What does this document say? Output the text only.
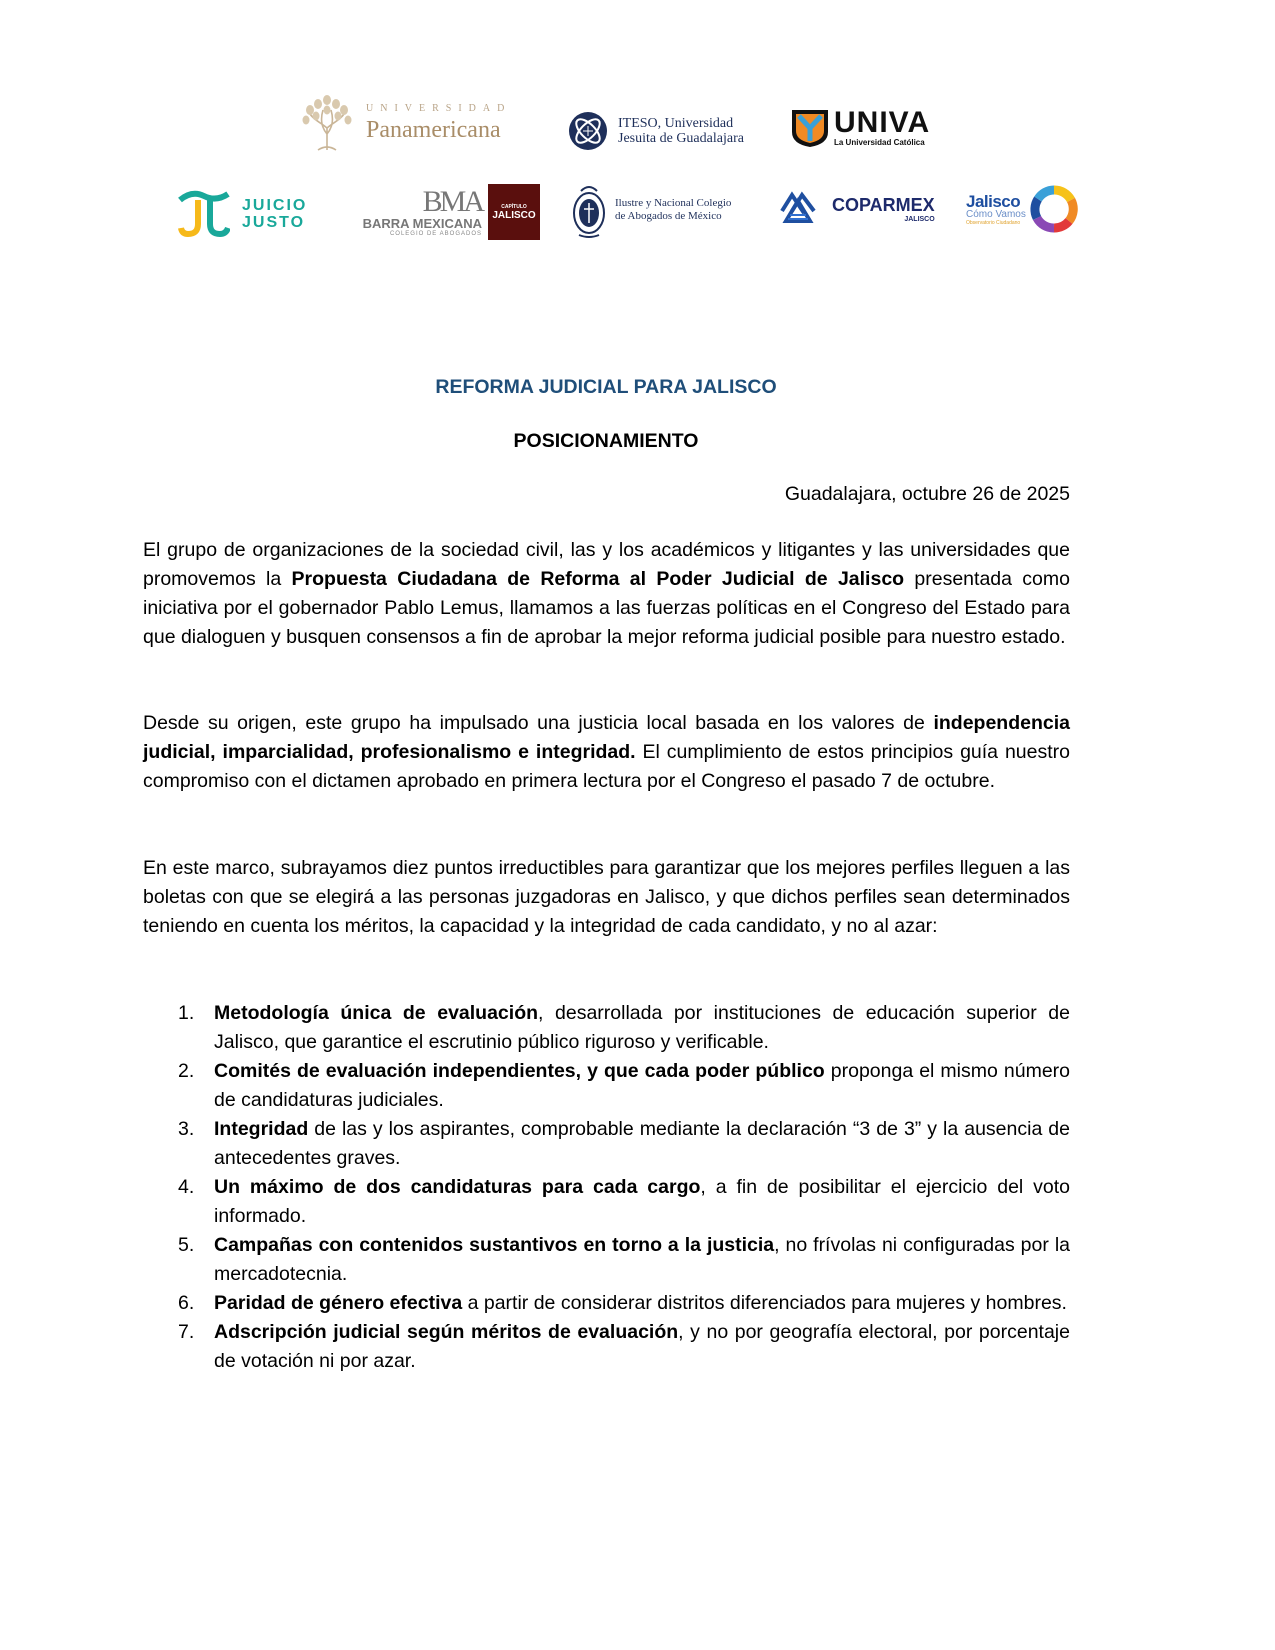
UNIVERSIDAD
Panamericana	ITESO, Universidad
Jesuita de Guadalajara	UNIVA
La Universidad Católica
JUICIO
JUSTO
BMA
BARRA MEXICANA
COLEGIO DE ABOGADOS
CAPÍTULO
JALISCO
Ilustre y Nacional Colegio
de Abogados de México
COPARMEX
JALISCO
Jalisco
Cómo Vamos
Observatorio Ciudadano
REFORMA JUDICIAL PARA JALISCO
POSICIONAMIENTO
Guadalajara, octubre 26 de 2025

El grupo de organizaciones de la sociedad civil, las y los académicos y litigantes y las universidades que promovemos la Propuesta Ciudadana de Reforma al Poder Judicial de Jalisco presentada como iniciativa por el gobernador Pablo Lemus, llamamos a las fuerzas políticas en el Congreso del Estado para que dialoguen y busquen consensos a fin de aprobar la mejor reforma judicial posible para nuestro estado.

Desde su origen, este grupo ha impulsado una justicia local basada en los valores de independencia judicial, imparcialidad, profesionalismo e integridad. El cumplimiento de estos principios guía nuestro compromiso con el dictamen aprobado en primera lectura por el Congreso el pasado 7 de octubre.

En este marco, subrayamos diez puntos irreductibles para garantizar que los mejores perfiles lleguen a las boletas con que se elegirá a las personas juzgadoras en Jalisco, y que dichos perfiles sean determinados teniendo en cuenta los méritos, la capacidad y la integridad de cada candidato, y no al azar:

1.	Metodología única de evaluación, desarrollada por instituciones de educación superior de Jalisco, que garantice el escrutinio público riguroso y verificable.
2.	Comités de evaluación independientes, y que cada poder público proponga el mismo número de candidaturas judiciales.
3.	Integridad de las y los aspirantes, comprobable mediante la declaración “3 de 3” y la ausencia de antecedentes graves.
4.	Un máximo de dos candidaturas para cada cargo, a fin de posibilitar el ejercicio del voto informado.
5.	Campañas con contenidos sustantivos en torno a la justicia, no frívolas ni configuradas por la mercadotecnia.
6.	Paridad de género efectiva a partir de considerar distritos diferenciados para mujeres y hombres.
7.	Adscripción judicial según méritos de evaluación, y no por geografía electoral, por porcentaje de votación ni por azar.
